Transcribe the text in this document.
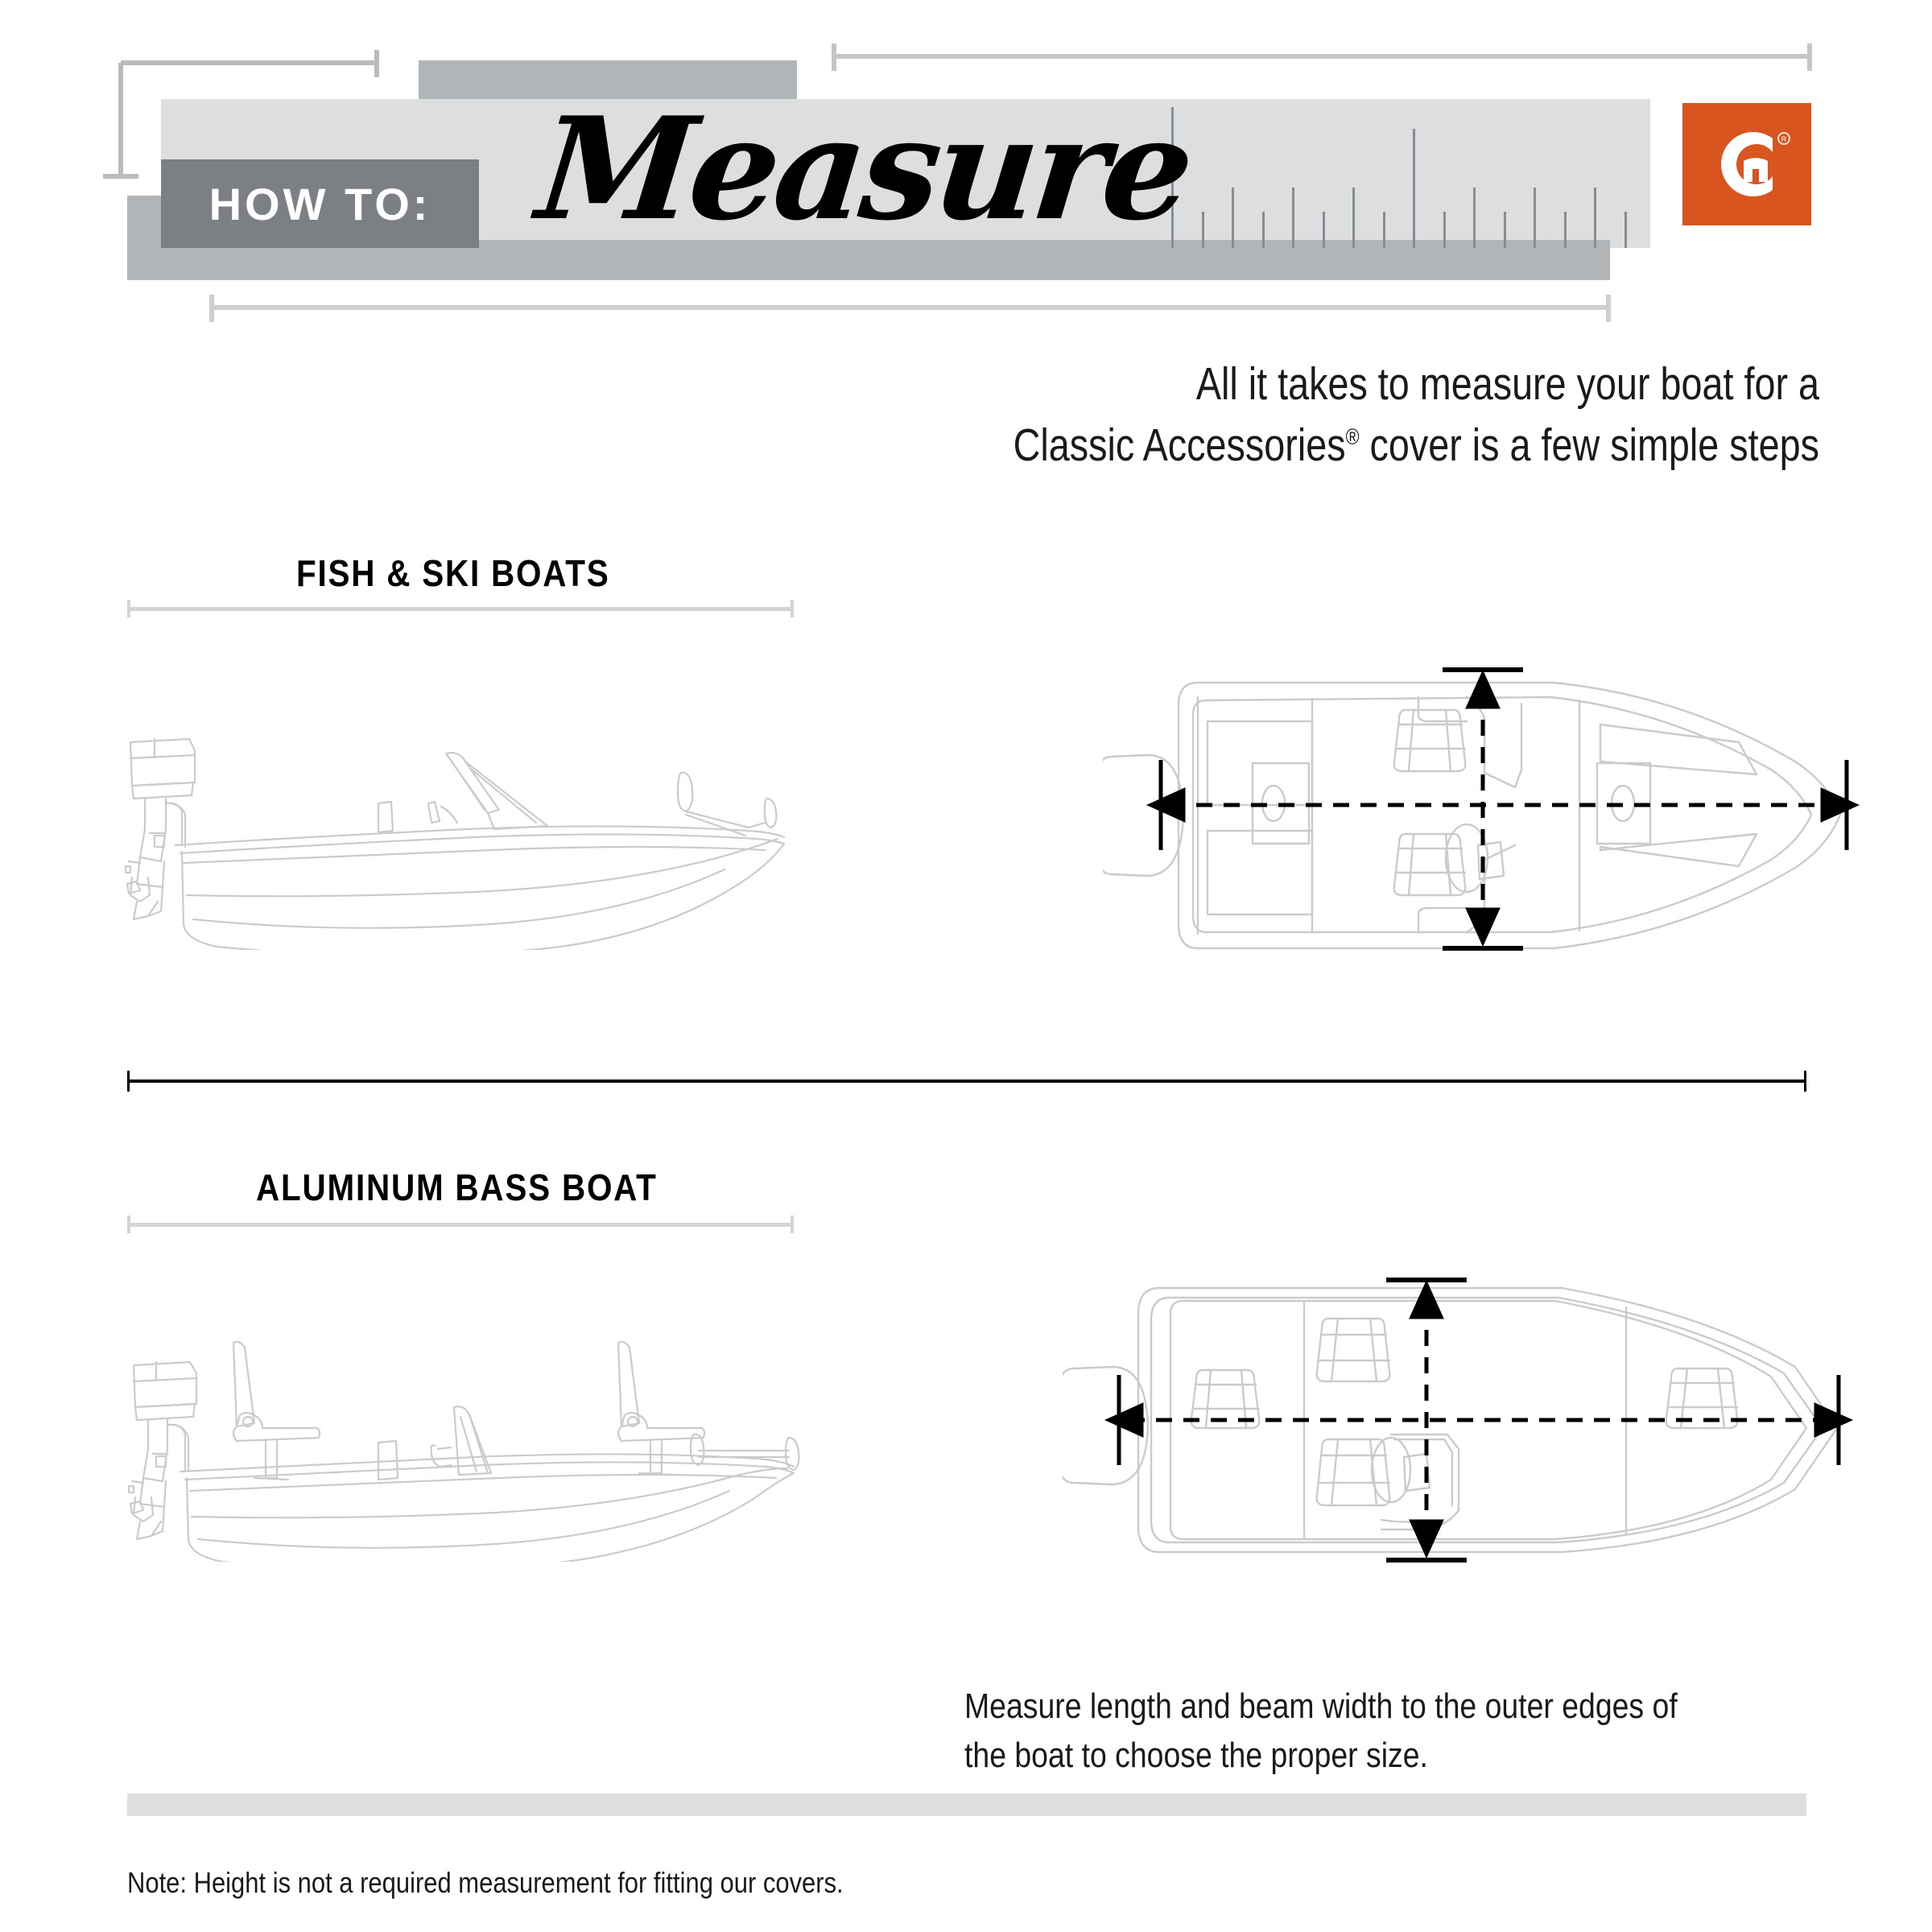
HOW TO: Measure	R
All it takes to measure your boat for a
Classic Accessories® cover is a few simple steps
FISH & SKI BOATS
ALUMINUM BASS BOAT
Measure length and beam width to the outer edges of
the boat to choose the proper size.
Note: Height is not a required measurement for fitting our covers.
